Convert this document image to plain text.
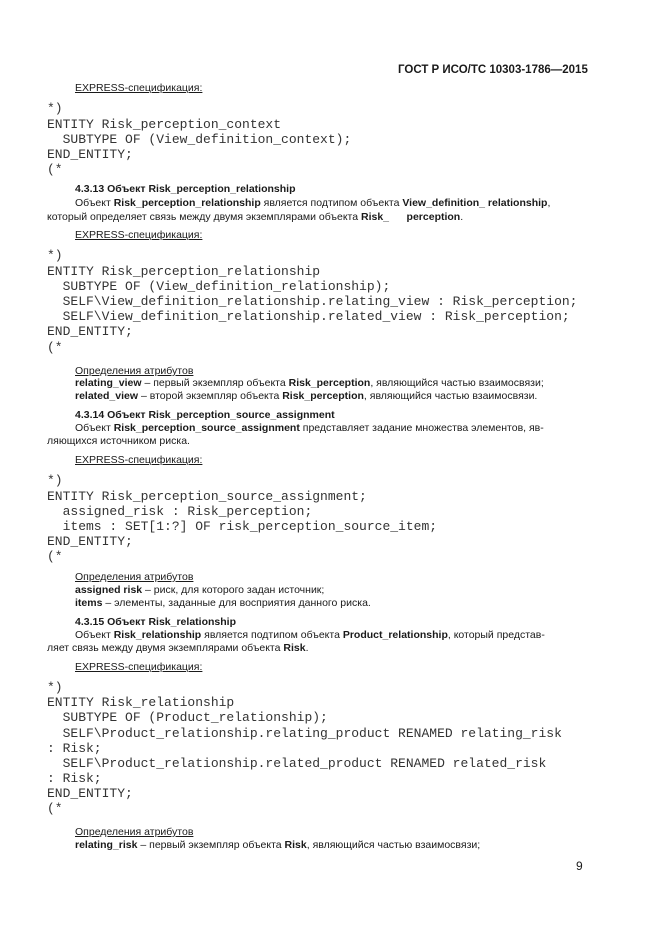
ГОСТ Р ИСО/ТС 10303-1786—2015
EXPRESS-спецификация:
*)
ENTITY Risk_perception_context
SUBTYPE OF (View_definition_context);
END_ENTITY;
(*
4.3.13 Объект Risk_perception_relationship
Объект Risk_perception_relationship является подтипом объекта View_definition_ relationship,
который определяет связь между двумя экземплярами объекта Risk_ perception.
EXPRESS-спецификация:
*)
ENTITY Risk_perception_relationship
SUBTYPE OF (View_definition_relationship);
SELF\View_definition_relationship.relating_view : Risk_perception;
SELF\View_definition_relationship.related_view : Risk_perception;
END_ENTITY;
(*
Определения атрибутов
relating_view – первый экземпляр объекта Risk_perception, являющийся частью взаимосвязи;
related_view – второй экземпляр объекта Risk_perception, являющийся частью взаимосвязи.
4.3.14 Объект Risk_perception_source_assignment
Объект Risk_perception_source_assignment представляет задание множества элементов, яв-
ляющихся источником риска.
EXPRESS-спецификация:
*)
ENTITY Risk_perception_source_assignment;
assigned_risk : Risk_perception;
items : SET[1:?] OF risk_perception_source_item;
END_ENTITY;
(*
Определения атрибутов
assigned risk – риск, для которого задан источник;
items – элементы, заданные для восприятия данного риска.
4.3.15 Объект Risk_relationship
Объект Risk_relationship является подтипом объекта Product_relationship, который представ-
ляет связь между двумя экземплярами объекта Risk.
EXPRESS-спецификация:
*)
ENTITY Risk_relationship
SUBTYPE OF (Product_relationship);
SELF\Product_relationship.relating_product RENAMED relating_risk
: Risk;
SELF\Product_relationship.related_product RENAMED related_risk
: Risk;
END_ENTITY;
(*
Определения атрибутов
relating_risk – первый экземпляр объекта Risk, являющийся частью взаимосвязи;
9
